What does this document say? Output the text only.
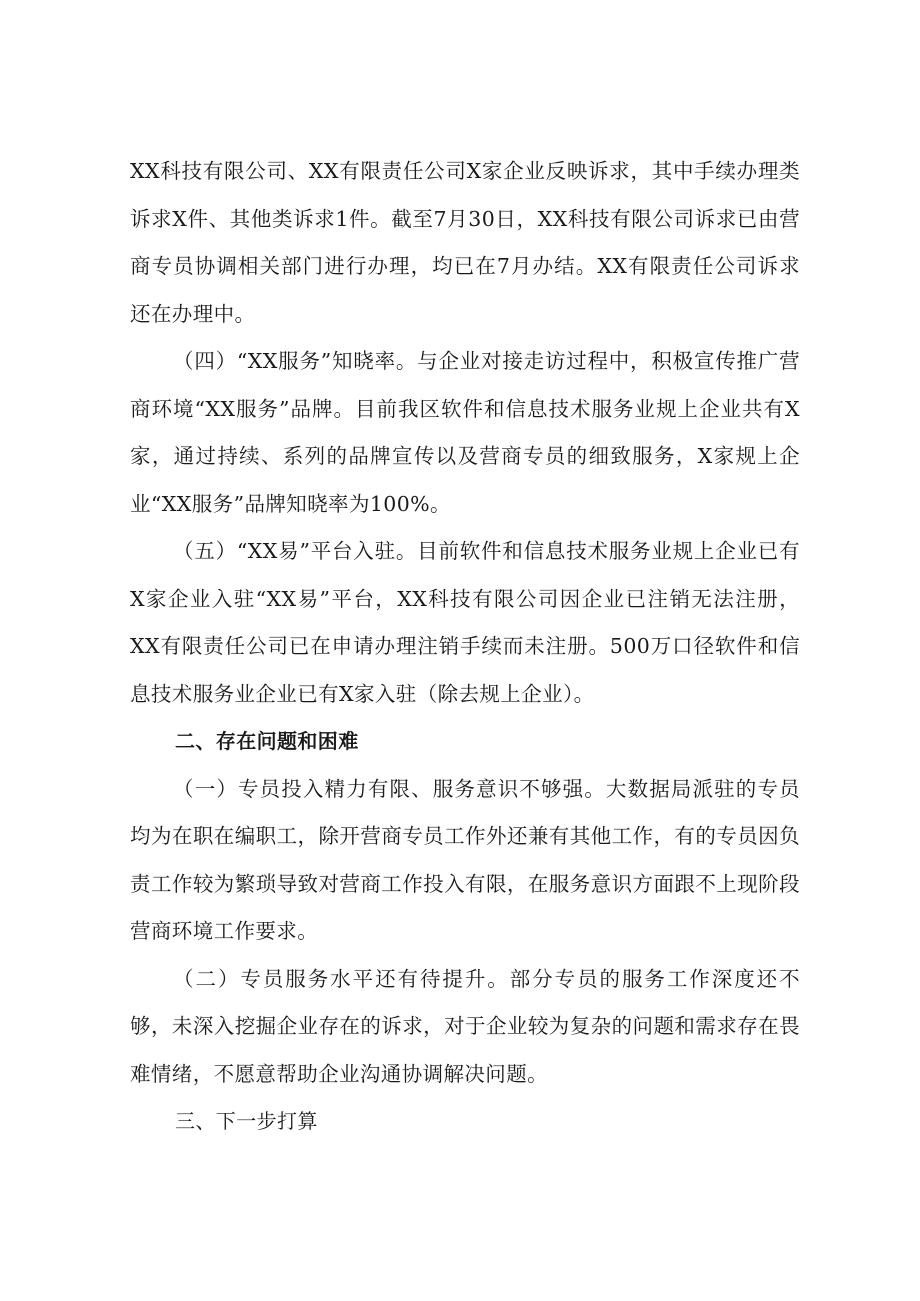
XX科技有限公司、XX有限责任公司X家企业反映诉求，其中手续办理类诉求X件、其他类诉求1件。截至7月30日，XX科技有限公司诉求已由营商专员协调相关部门进行办理，均已在7月办结。XX有限责任公司诉求还在办理中。

（四）“XX服务”知晓率。与企业对接走访过程中，积极宣传推广营商环境“XX服务”品牌。目前我区软件和信息技术服务业规上企业共有X家，通过持续、系列的品牌宣传以及营商专员的细致服务，X家规上企业“XX服务”品牌知晓率为100%。

（五）“XX易”平台入驻。目前软件和信息技术服务业规上企业已有X家企业入驻“XX易”平台，XX科技有限公司因企业已注销无法注册，XX有限责任公司已在申请办理注销手续而未注册。500万口径软件和信息技术服务业企业已有X家入驻（除去规上企业）。

二、存在问题和困难

（一）专员投入精力有限、服务意识不够强。大数据局派驻的专员均为在职在编职工，除开营商专员工作外还兼有其他工作，有的专员因负责工作较为繁琐导致对营商工作投入有限，在服务意识方面跟不上现阶段营商环境工作要求。

（二）专员服务水平还有待提升。部分专员的服务工作深度还不够，未深入挖掘企业存在的诉求，对于企业较为复杂的问题和需求存在畏难情绪，不愿意帮助企业沟通协调解决问题。

三、下一步打算
